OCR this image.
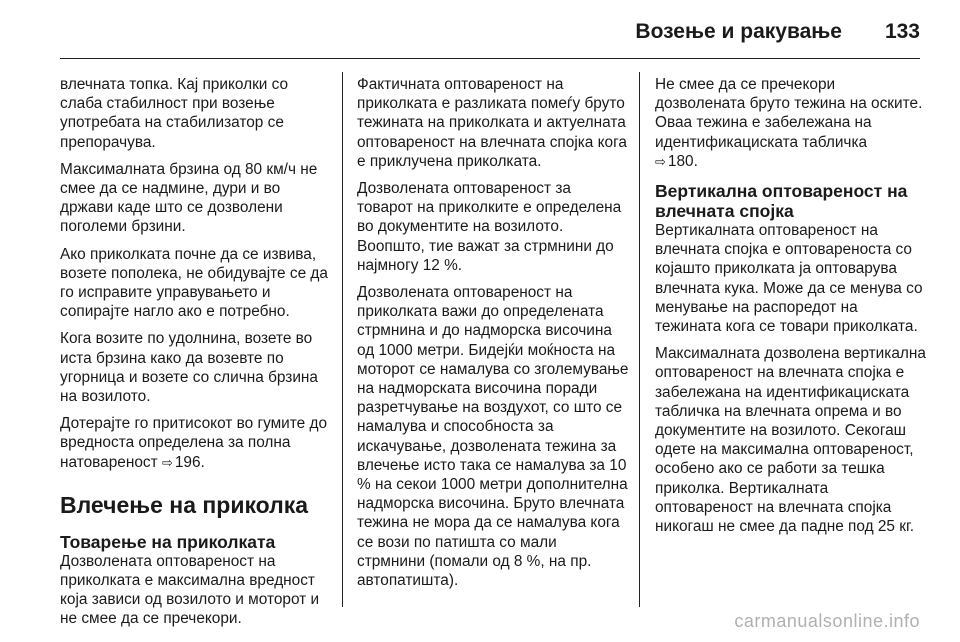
Возење и ракување 133

влечната топка. Кај приколки со слаба стабилност при возење употребата на стабилизатор се препорачува.

Максималната брзина од 80 км/ч не смее да се надмине, дури и во држави каде што се дозволени поголеми брзини.

Ако приколката почне да се извива, возете пополека, не обидувајте се да го исправите управувањето и сопирајте нагло ако е потребно.

Кога возите по удолнина, возете во иста брзина како да возевте по угорница и возете со слична брзина на возилото.

Дотерајте го притисокот во гумите до вредноста определена за полна натовареност ⇨ 196.

Влечење на приколка
Товарење на приколката

Дозволената оптовареност на приколката е максимална вредност која зависи од возилото и моторот и не смее да се пречекори.

Фактичната оптовареност на приколката е разликата помеѓу бруто тежината на приколката и актуелната оптовареност на влечната спојка кога е приклучена приколката.

Дозволената оптовареност за товарот на приколките е определена во документите на возилото. Воопшто, тие важат за стрмнини до најмногу 12 %.

Дозволената оптовареност на приколката важи до определената стрмнина и до надморска височина од 1000 метри. Бидејќи моќноста на моторот се намалува со зголемување на надморската височина поради разретчување на воздухот, со што се намалува и способноста за искачување, дозволената тежина за влечење исто така се намалува за 10 % на секои 1000 метри дополнителна надморска височина. Бруто влечната тежина не мора да се намалува кога се вози по патишта со мали стрмнини (помали од 8 %, на пр. автопатишта).

Не смее да се пречекори дозволената бруто тежина на оските. Оваа тежина е забележана на идентификациската табличка
⇨ 180.

Вертикална оптовареност на влечната спојка

Вертикалната оптовареност на влечната спојка е оптовареноста со којашто приколката ја оптоварува влечната кука. Може да се менува со менување на распоредот на тежината кога се товари приколката.

Максималната дозволена вертикална оптовареност на влечната спојка е забележана на идентификациската табличка на влечната опрема и во документите на возилото. Секогаш одете на максимална оптовареност, особено ако се работи за тешка приколка. Вертикалната оптовареност на влечната спојка никогаш не смее да падне под 25 кг.

carmanualsonline.info
